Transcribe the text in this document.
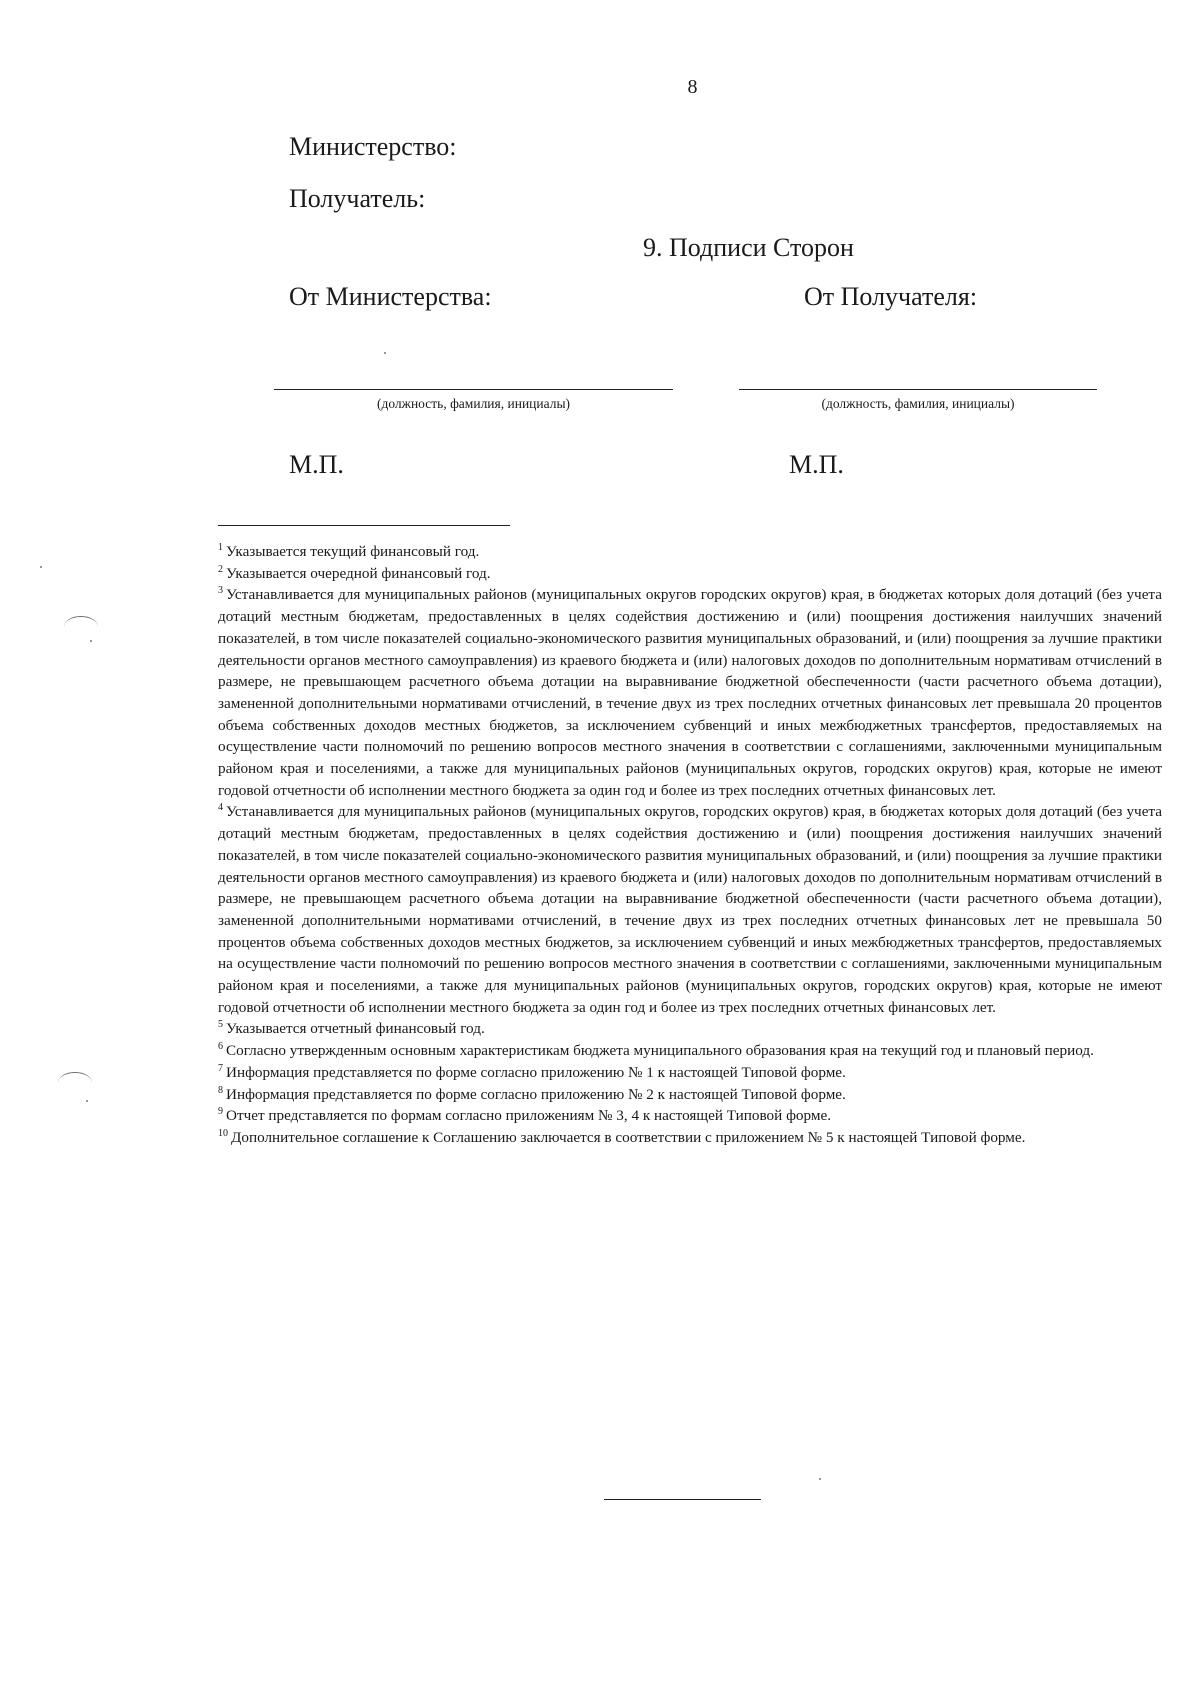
8
Министерство:
Получатель:
9. Подписи Сторон
От Министерства:	От Получателя:
(должность, фамилия, инициалы)	(должность, фамилия, инициалы)
М.П.	М.П.

$^1$ Указывается текущий финансовый год.

$^2$ Указывается очередной финансовый год.

$^3$ Устанавливается для муниципальных районов (муниципальных округов городских округов) края, в бюджетах которых доля дотаций (без учета дотаций местным бюджетам, предоставленных в целях содействия достижению и (или) поощрения достижения наилучших значений показателей, в том числе показателей социально-экономического развития муниципальных образований, и (или) поощрения за лучшие практики деятельности органов местного самоуправления) из краевого бюджета и (или) налоговых доходов по дополнительным нормативам отчислений в размере, не превышающем расчетного объема дотации на выравнивание бюджетной обеспеченности (части расчетного объема дотации), замененной дополнительными нормативами отчислений, в течение двух из трех последних отчетных финансовых лет превышала 20 процентов объема собственных доходов местных бюджетов, за исключением субвенций и иных межбюджетных трансфертов, предоставляемых на осуществление части полномочий по решению вопросов местного значения в соответствии с соглашениями, заключенными муниципальным районом края и поселениями, а также для муниципальных районов (муниципальных округов, городских округов) края, которые не имеют годовой отчетности об исполнении местного бюджета за один год и более из трех последних отчетных финансовых лет.

$^4$ Устанавливается для муниципальных районов (муниципальных округов, городских округов) края, в бюджетах которых доля дотаций (без учета дотаций местным бюджетам, предоставленных в целях содействия достижению и (или) поощрения достижения наилучших значений показателей, в том числе показателей социально-экономического развития муниципальных образований, и (или) поощрения за лучшие практики деятельности органов местного самоуправления) из краевого бюджета и (или) налоговых доходов по дополнительным нормативам отчислений в размере, не превышающем расчетного объема дотации на выравнивание бюджетной обеспеченности (части расчетного объема дотации), замененной дополнительными нормативами отчислений, в течение двух из трех последних отчетных финансовых лет не превышала 50 процентов объема собственных доходов местных бюджетов, за исключением субвенций и иных межбюджетных трансфертов, предоставляемых на осуществление части полномочий по решению вопросов местного значения в соответствии с соглашениями, заключенными муниципальным районом края и поселениями, а также для муниципальных районов (муниципальных округов, городских округов) края, которые не имеют годовой отчетности об исполнении местного бюджета за один год и более из трех последних отчетных финансовых лет.

$^5$ Указывается отчетный финансовый год.

$^6$ Согласно утвержденным основным характеристикам бюджета муниципального образования края на текущий год и плановый период.

$^7$ Информация представляется по форме согласно приложению № 1 к настоящей Типовой форме.

$^8$ Информация представляется по форме согласно приложению № 2 к настоящей Типовой форме.

$^9$ Отчет представляется по формам согласно приложениям № 3, 4 к настоящей Типовой форме.

$^{10}$ Дополнительное соглашение к Соглашению заключается в соответствии с приложением № 5 к настоящей Типовой форме.
